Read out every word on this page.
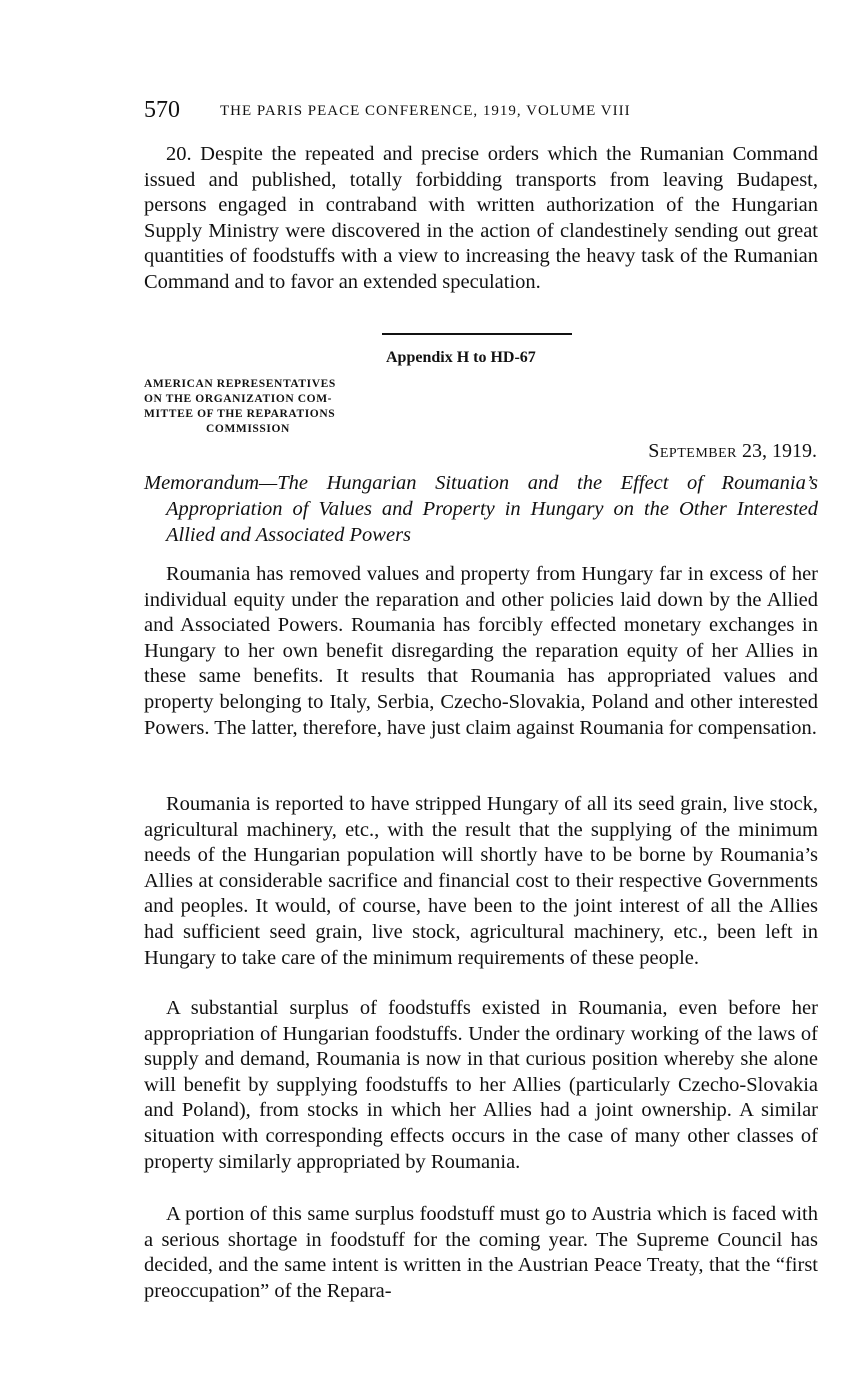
570	THE PARIS PEACE CONFERENCE, 1919, VOLUME VIII

20. Despite the repeated and precise orders which the Rumanian Command issued and published, totally forbidding transports from leaving Budapest, persons engaged in contraband with written authorization of the Hungarian Supply Ministry were discovered in the action of clandestinely sending out great quantities of foodstuffs with a view to increasing the heavy task of the Rumanian Command and to favor an extended speculation.

Appendix H to HD-67
AMERICAN REPRESENTATIVES
ON THE ORGANIZATION COM-
MITTEE OF THE REPARATIONS
COMMISSION
September 23, 1919.

Memorandum—The Hungarian Situation and the Effect of Roumania’s Appropriation of Values and Property in Hungary on the Other Interested Allied and Associated Powers

Roumania has removed values and property from Hungary far in excess of her individual equity under the reparation and other policies laid down by the Allied and Associated Powers. Roumania has forcibly effected monetary exchanges in Hungary to her own benefit disregarding the reparation equity of her Allies in these same benefits. It results that Roumania has appropriated values and property belonging to Italy, Serbia, Czecho-Slovakia, Poland and other interested Powers. The latter, therefore, have just claim against Roumania for compensation.

Roumania is reported to have stripped Hungary of all its seed grain, live stock, agricultural machinery, etc., with the result that the supplying of the minimum needs of the Hungarian population will shortly have to be borne by Roumania’s Allies at considerable sacrifice and financial cost to their respective Governments and peoples. It would, of course, have been to the joint interest of all the Allies had sufficient seed grain, live stock, agricultural machinery, etc., been left in Hungary to take care of the minimum requirements of these people.

A substantial surplus of foodstuffs existed in Roumania, even before her appropriation of Hungarian foodstuffs. Under the ordinary working of the laws of supply and demand, Roumania is now in that curious position whereby she alone will benefit by supplying foodstuffs to her Allies (particularly Czecho-Slovakia and Poland), from stocks in which her Allies had a joint ownership. A similar situation with corresponding effects occurs in the case of many other classes of property similarly appropriated by Roumania.

A portion of this same surplus foodstuff must go to Austria which is faced with a serious shortage in foodstuff for the coming year. The Supreme Council has decided, and the same intent is written in the Austrian Peace Treaty, that the “first preoccupation” of the Repara-
